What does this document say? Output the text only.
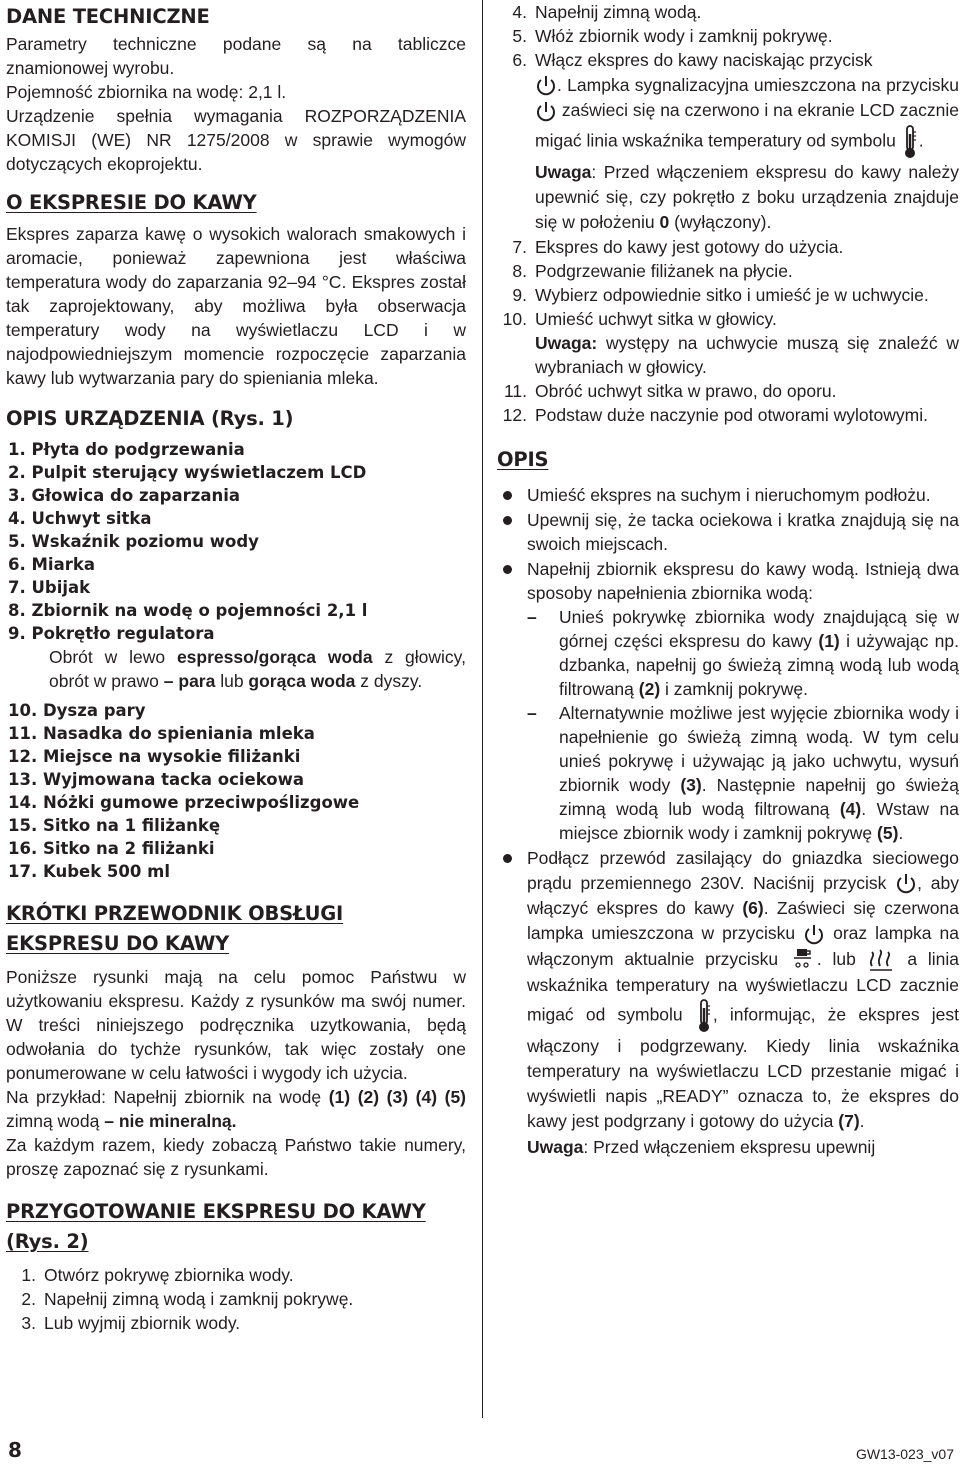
DANE TECHNICZNE

Parametry techniczne podane są na tabliczce znamionowej wyrobu.

Pojemność zbiornika na wodę: 2,1 l.

Urządzenie spełnia wymagania ROZPORZĄDZENIA KOMISJI (WE) NR 1275/2008 w sprawie wymogów dotyczących ekoprojektu.

O EKSPRESIE DO KAWY

Ekspres zaparza kawę o wysokich walorach smakowych i aromacie, ponieważ zapewniona jest właściwa temperatura wody do zaparzania 92–94 °C. Ekspres został tak zaprojektowany, aby możliwa była obserwacja temperatury wody na wyświetlaczu LCD i w najodpowiedniejszym momencie rozpoczęcie zaparzania kawy lub wytwarzania pary do spieniania mleka.

OPIS URZĄDZENIA (Rys. 1)
1. Płyta do podgrzewania
2. Pulpit sterujący wyświetlaczem LCD
3. Głowica do zaparzania
4. Uchwyt sitka
5. Wskaźnik poziomu wody
6. Miarka
7. Ubijak
8. Zbiornik na wodę o pojemności 2,1 l
9. Pokrętło regulatora
Obrót w lewo espresso/gorąca woda z głowicy, obrót w prawo – para lub gorąca woda z dyszy.
10. Dysza pary
11. Nasadka do spieniania mleka
12. Miejsce na wysokie filiżanki
13. Wyjmowana tacka ociekowa
14. Nóżki gumowe przeciwpoślizgowe
15. Sitko na 1 filiżankę
16. Sitko na 2 filiżanki
17. Kubek 500 ml
KRÓTKI PRZEWODNIK OBSŁUGI
EKSPRESU DO KAWY

Poniższe rysunki mają na celu pomoc Państwu w użytkowaniu ekspresu. Każdy z rysunków ma swój numer. W treści niniejszego podręcznika uzytkowania, będą odwołania do tychże rysunków, tak więc zostały one ponumerowane w celu łatwości i wygody ich użycia.

Na przykład: Napełnij zbiornik na wodę (1) (2) (3) (4) (5) zimną wodą – nie mineralną.

Za każdym razem, kiedy zobaczą Państwo takie numery, proszę zapoznać się z rysunkami.

PRZYGOTOWANIE EKSPRESU DO KAWY
(Rys. 2)
1. Otwórz pokrywę zbiornika wody.
2. Napełnij zimną wodą i zamknij pokrywę.
3. Lub wyjmij zbiornik wody.
4. Napełnij zimną wodą.
5. Włóż zbiornik wody i zamknij pokrywę.
6. Włącz ekspres do kawy naciskając przycisk
. Lampka sygnalizacyjna umieszczona na przycisku  zaświeci się na czerwono i na ekranie LCD zacznie migać linia wskaźnika temperatury od symbolu .
Uwaga: Przed włączeniem ekspresu do kawy należy upewnić się, czy pokrętło z boku urządzenia znajduje się w położeniu 0 (wyłączony).
7. Ekspres do kawy jest gotowy do użycia.
8. Podgrzewanie filiżanek na płycie.
9. Wybierz odpowiednie sitko i umieść je w uchwycie.
10. Umieść uchwyt sitka w głowicy.
Uwaga: występy na uchwycie muszą się znaleźć w wybraniach w głowicy.
11. Obróć uchwyt sitka w prawo, do oporu.
12. Podstaw duże naczynie pod otworami wylotowymi.
OPIS
Umieść ekspres na suchym i nieruchomym podłożu.
Upewnij się, że tacka ociekowa i kratka znajdują się na swoich miejscach.
Napełnij zbiornik ekspresu do kawy wodą. Istnieją dwa sposoby napełnienia zbiornika wodą:
–	Unieś pokrywkę zbiornika wody znajdującą się w górnej części ekspresu do kawy (1) i używając np. dzbanka, napełnij go świeżą zimną wodą lub wodą filtrowaną (2) i zamknij pokrywę.
–	Alternatywnie możliwe jest wyjęcie zbiornika wody i napełnienie go świeżą zimną wodą. W tym celu unieś pokrywę i używając ją jako uchwytu, wysuń zbiornik wody (3). Następnie napełnij go świeżą zimną wodą lub wodą filtrowaną (4). Wstaw na miejsce zbiornik wody i zamknij pokrywę (5).
Podłącz przewód zasilający do gniazdka sieciowego prądu przemiennego 230V. Naciśnij przycisk , aby włączyć ekspres do kawy (6). Zaświeci się czerwona lampka umieszczona w przycisku oraz lampka na włączonym aktualnie przycisku . lub	a linia wskaźnika temperatury na wyświetlaczu LCD zacznie migać od symbolu , informując, że ekspres jest włączony i podgrzewany. Kiedy linia wskaźnika temperatury na wyświetlaczu LCD przestanie migać i wyświetli napis „READY” oznacza to, że ekspres do kawy jest podgrzany i gotowy do użycia (7).

Uwaga: Przed włączeniem ekspresu upewnij

8	GW13-023_v07
